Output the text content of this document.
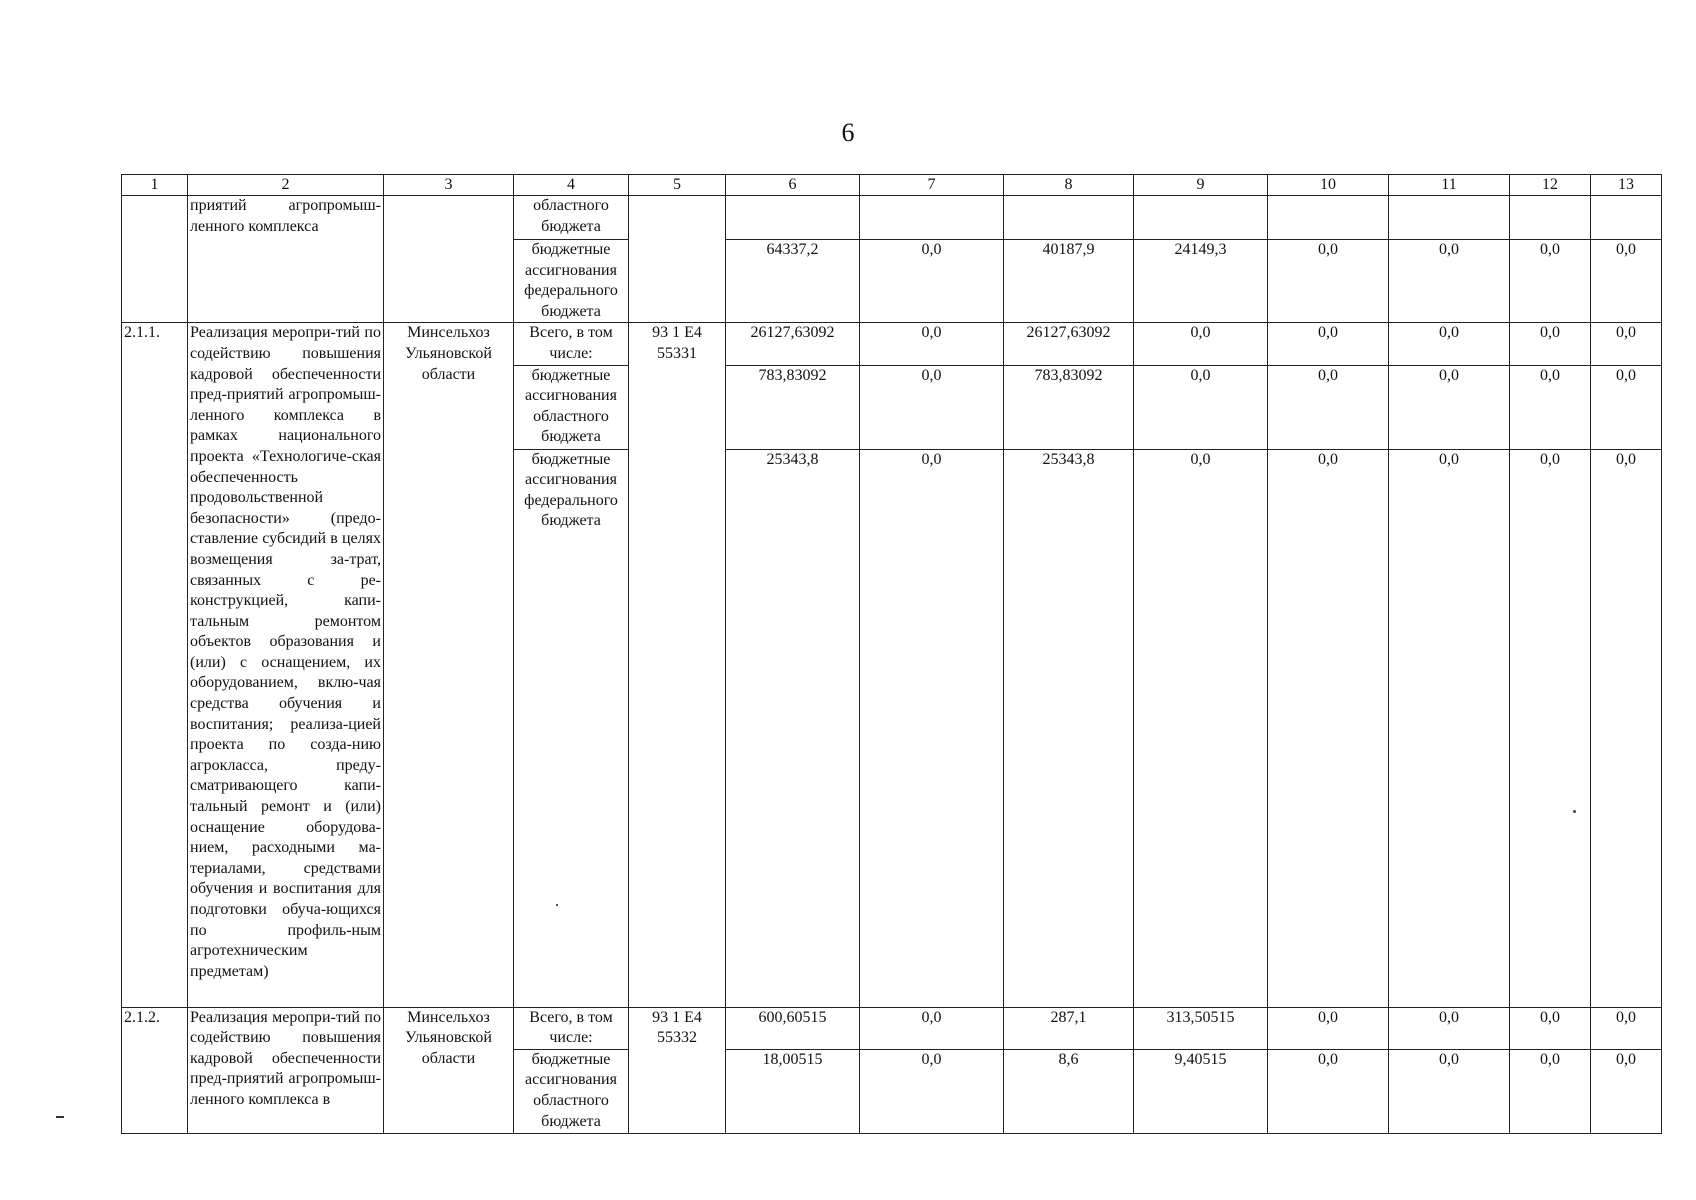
6
1	2	3	4	5	6	7	8	9	10	11	12	13
	приятий агропромыш-ленного комплекса		областного бюджета									
			бюджетные ассигнования федерального бюджета		64337,2	0,0	40187,9	24149,3	0,0	0,0	0,0	0,0
2.1.1.	Реализация меропри-тий по содействию повышения кадровой обеспеченности пред-приятий агропромыш-ленного комплекса в рамках национального проекта «Технологиче-ская обеспеченность продовольственной безопасности» (предо-ставление субсидий в целях возмещения за-трат, связанных с ре-конструкцией, капи-тальным ремонтом объектов образования и (или) с оснащением, их оборудованием, вклю-чая средства обучения и воспитания; реализа-цией проекта по созда-нию агрокласса, преду-сматривающего капи-тальный ремонт и (или) оснащение оборудова-нием, расходными ма-териалами, средствами обучения и воспитания для подготовки обуча-ющихся по профиль-ным агротехническим предметам)	Минсельхоз Ульяновской области	Всего, в том числе:	93 1 E4 55331	26127,63092	0,0	26127,63092	0,0	0,0	0,0	0,0	0,0
			бюджетные ассигнования областного бюджета		783,83092	0,0	783,83092	0,0	0,0	0,0	0,0	0,0
			бюджетные ассигнования федерального бюджета		25343,8	0,0	25343,8	0,0	0,0	0,0	0,0	0,0
2.1.2.	Реализация меропри-тий по содействию повышения кадровой обеспеченности пред-приятий агропромыш-ленного комплекса в	Минсельхоз Ульяновской области	Всего, в том числе:	93 1 E4 55332	600,60515	0,0	287,1	313,50515	0,0	0,0	0,0	0,0
			бюджетные ассигнования областного бюджета		18,00515	0,0	8,6	9,40515	0,0	0,0	0,0	0,0
